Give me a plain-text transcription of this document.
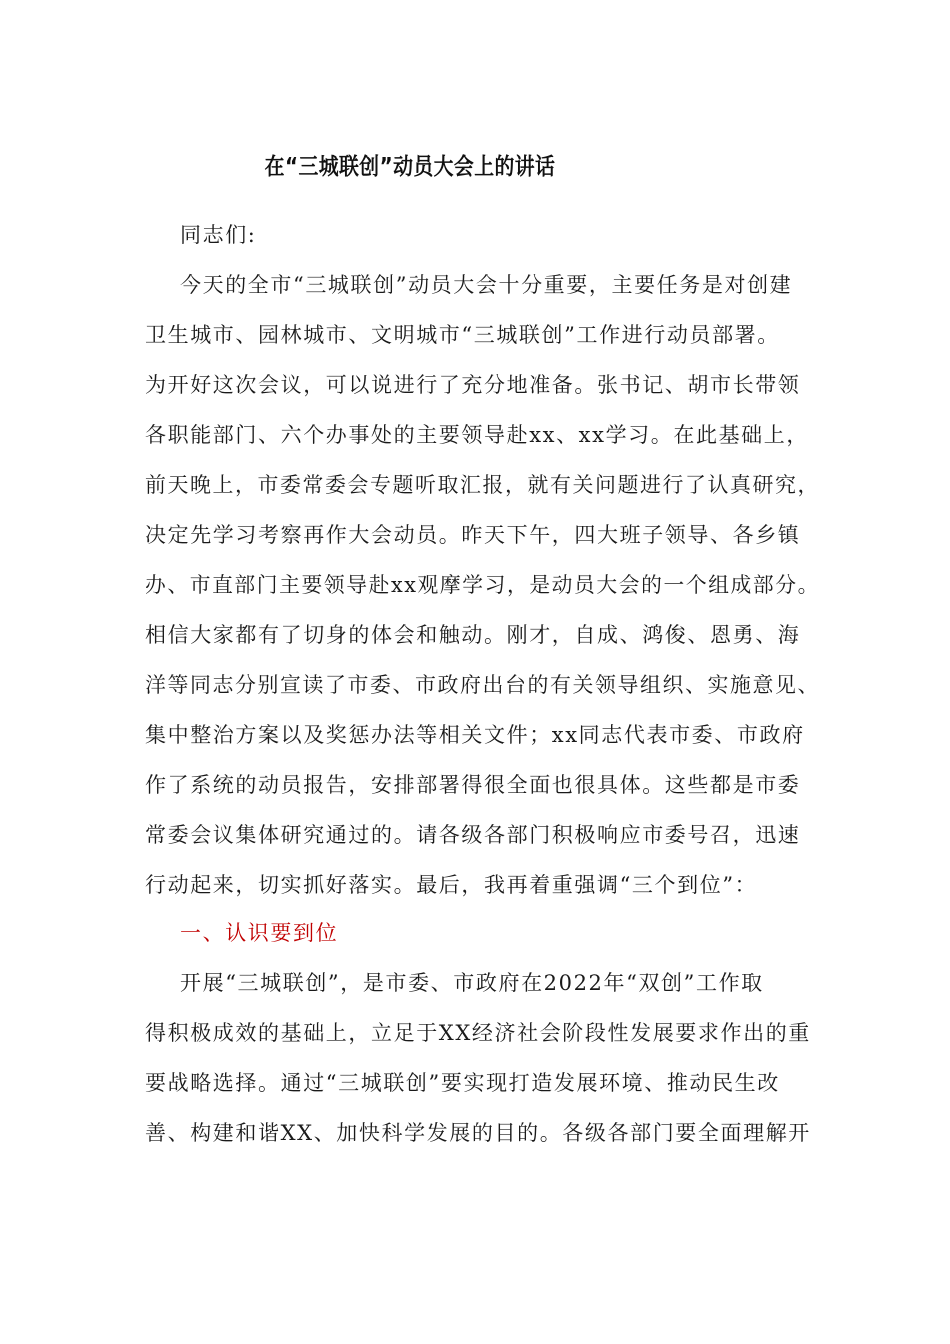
在“三城联创”动员大会上的讲话
同志们:
今天的全市“三城联创”动员大会十分重要，主要任务是对创建
卫生城市、园林城市、文明城市“三城联创”工作进行动员部署。
为开好这次会议，可以说进行了充分地准备。张书记、胡市长带领
各职能部门、六个办事处的主要领导赴xx、xx学习。在此基础上，
前天晚上，市委常委会专题听取汇报，就有关问题进行了认真研究，
决定先学习考察再作大会动员。昨天下午，四大班子领导、各乡镇
办、市直部门主要领导赴xx观摩学习，是动员大会的一个组成部分。
相信大家都有了切身的体会和触动。刚才，自成、鸿俊、恩勇、海
洋等同志分别宣读了市委、市政府出台的有关领导组织、实施意见、
集中整治方案以及奖惩办法等相关文件；xx同志代表市委、市政府
作了系统的动员报告，安排部署得很全面也很具体。这些都是市委
常委会议集体研究通过的。请各级各部门积极响应市委号召，迅速
行动起来，切实抓好落实。最后，我再着重强调“三个到位”：
一、认识要到位
开展“三城联创”，是市委、市政府在2022年“双创”工作取
得积极成效的基础上，立足于XX经济社会阶段性发展要求作出的重
要战略选择。通过“三城联创”要实现打造发展环境、推动民生改
善、构建和谐XX、加快科学发展的目的。各级各部门要全面理解开
